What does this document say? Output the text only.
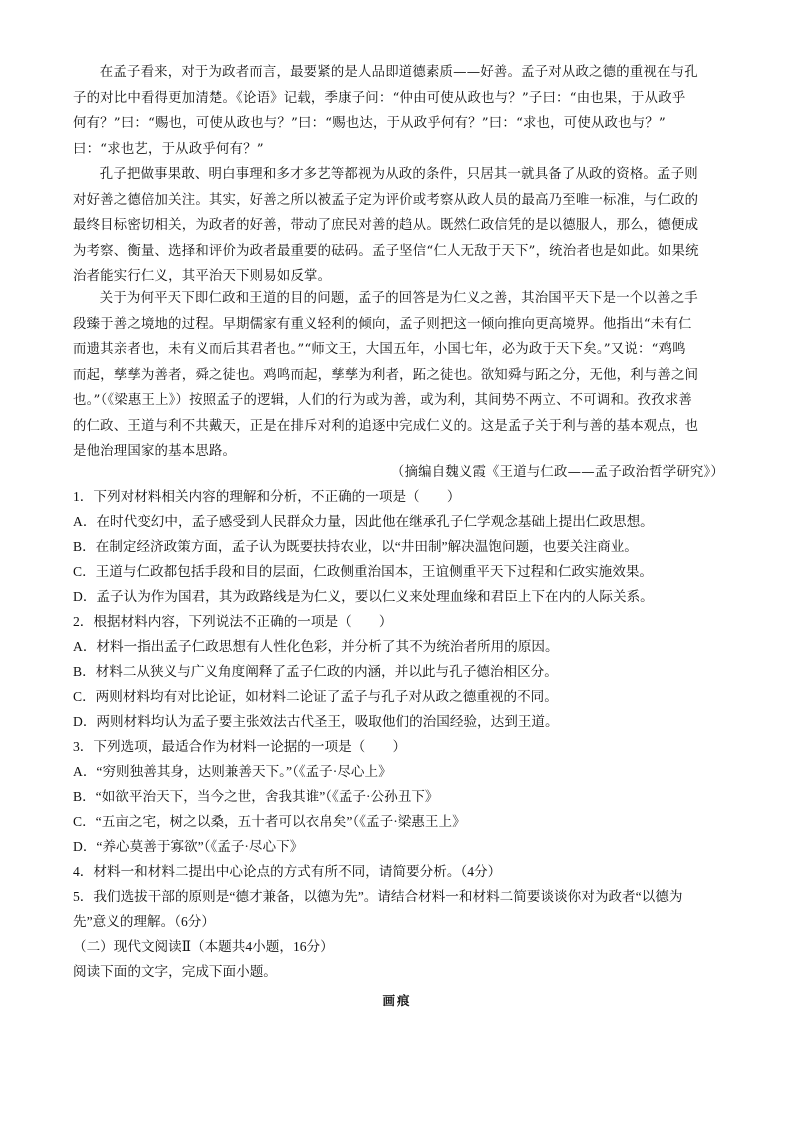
在孟子看来，对于为政者而言，最要紧的是人品即道德素质——好善。孟子对从政之德的重视在与孔
子的对比中看得更加清楚。《论语》记载，季康子问：“仲由可使从政也与？”子曰：“由也果，于从政乎
何有？”曰：“赐也，可使从政也与？”曰：“赐也达，于从政乎何有？”曰：“求也，可使从政也与？”
曰：“求也艺，于从政乎何有？”
孔子把做事果敢、明白事理和多才多艺等都视为从政的条件，只居其一就具备了从政的资格。孟子则
对好善之德倍加关注。其实，好善之所以被孟子定为评价或考察从政人员的最高乃至唯一标准，与仁政的
最终目标密切相关，为政者的好善，带动了庶民对善的趋从。既然仁政信凭的是以德服人，那么，德便成
为考察、衡量、选择和评价为政者最重要的砝码。孟子坚信“仁人无敌于天下”，统治者也是如此。如果统
治者能实行仁义，其平治天下则易如反掌。
关于为何平天下即仁政和王道的目的问题，孟子的回答是为仁义之善，其治国平天下是一个以善之手
段臻于善之境地的过程。早期儒家有重义轻利的倾向，孟子则把这一倾向推向更高境界。他指出“未有仁
而遗其亲者也，未有义而后其君者也。”“师文王，大国五年，小国七年，必为政于天下矣。”又说：“鸡鸣
而起，孳孳为善者，舜之徒也。鸡鸣而起，孳孳为利者，跖之徒也。欲知舜与跖之分，无他，利与善之间
也。”（《梁惠王上》）按照孟子的逻辑，人们的行为或为善，或为利，其间势不两立、不可调和。孜孜求善
的仁政、王道与利不共戴天，正是在排斥对利的追逐中完成仁义的。这是孟子关于利与善的基本观点，也
是他治理国家的基本思路。
（摘编自魏义霞《王道与仁政——孟子政治哲学研究》）
1．下列对材料相关内容的理解和分析，不正确的一项是（　　）
A．在时代变幻中，孟子感受到人民群众力量，因此他在继承孔子仁学观念基础上提出仁政思想。
B．在制定经济政策方面，孟子认为既要扶持农业，以“井田制”解决温饱问题，也要关注商业。
C．王道与仁政都包括手段和目的层面，仁政侧重治国本，王谊侧重平天下过程和仁政实施效果。
D．孟子认为作为国君，其为政路线是为仁义，要以仁义来处理血缘和君臣上下在内的人际关系。
2．根据材料内容，下列说法不正确的一项是（　　）
A．材料一指出孟子仁政思想有人性化色彩，并分析了其不为统治者所用的原因。
B．材料二从狭义与广义角度阐释了孟子仁政的内涵，并以此与孔子德治相区分。
C．两则材料均有对比论证，如材料二论证了孟子与孔子对从政之德重视的不同。
D．两则材料均认为孟子要主张效法古代圣王，吸取他们的治国经验，达到王道。
3．下列选项，最适合作为材料一论据的一项是（　　）
A．“穷则独善其身，达则兼善天下。”（《孟子·尽心上》
B．“如欲平治天下，当今之世，舍我其谁”（《孟子·公孙丑下》
C．“五亩之宅，树之以桑，五十者可以衣帛矣”（《孟子·梁惠王上》
D．“养心莫善于寡欲”（《孟子·尽心下》
4．材料一和材料二提出中心论点的方式有所不同，请简要分析。（4分）
5．我们选拔干部的原则是“德才兼备，以德为先”。请结合材料一和材料二简要谈谈你对为政者“以德为
先”意义的理解。（6分）
（二）现代文阅读Ⅱ（本题共4小题，16分）
阅读下面的文字，完成下面小题。
画痕
